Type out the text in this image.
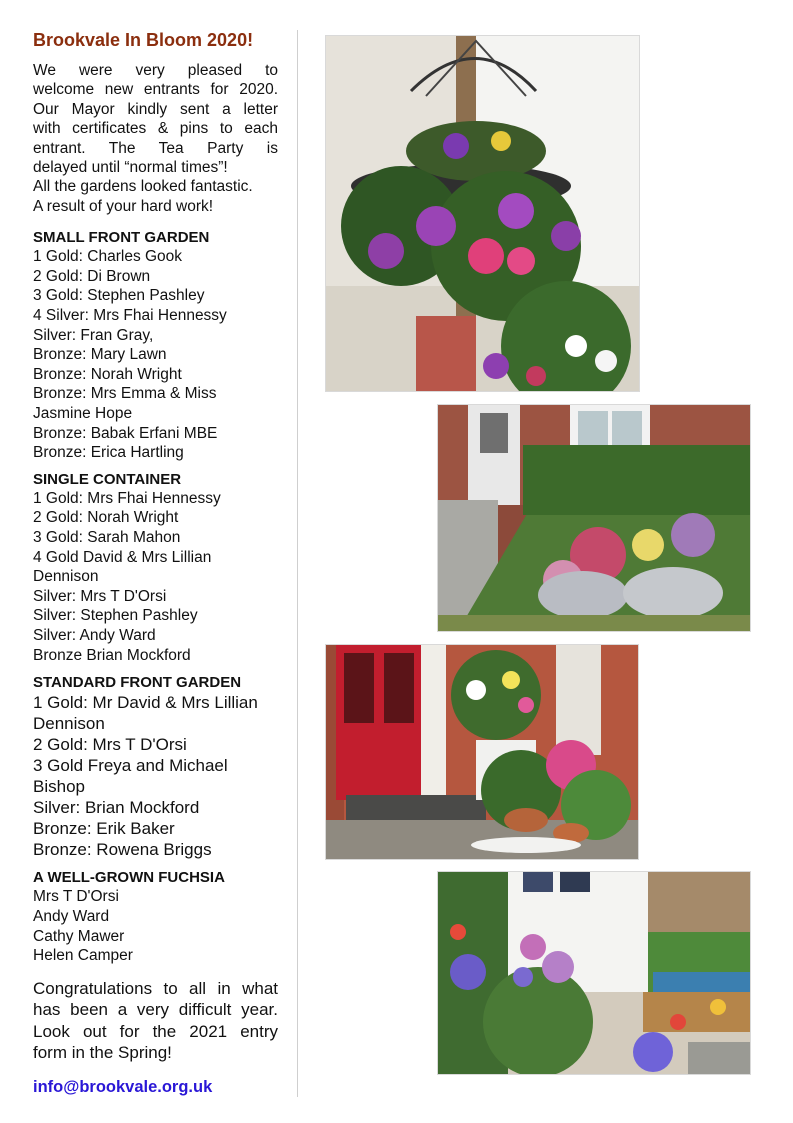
Brookvale In Bloom 2020!

We were very pleased to
welcome new entrants for 2020.
Our Mayor kindly sent a letter
with certificates & pins to each
entrant. The Tea Party is
delayed until “normal times”!
All the gardens looked fantastic.
A result of your hard work!

SMALL FRONT GARDEN
1 Gold: Charles Gook
2 Gold: Di Brown
3 Gold: Stephen Pashley
4 Silver: Mrs Fhai Hennessy
Silver: Fran Gray,
Bronze: Mary Lawn
Bronze: Norah Wright
Bronze: Mrs Emma & Miss
Jasmine Hope
Bronze: Babak Erfani MBE
Bronze: Erica Hartling
SINGLE CONTAINER
1 Gold: Mrs Fhai Hennessy
2 Gold: Norah Wright
3 Gold: Sarah Mahon
4 Gold David & Mrs Lillian
Dennison
Silver: Mrs T D'Orsi
Silver: Stephen Pashley
Silver: Andy Ward
Bronze Brian Mockford
STANDARD FRONT GARDEN
1 Gold: Mr David & Mrs Lillian
Dennison
2 Gold: Mrs T D'Orsi
3 Gold Freya and Michael
Bishop
Silver: Brian Mockford
Bronze: Erik Baker
Bronze: Rowena Briggs
A WELL-GROWN FUCHSIA
Mrs T D'Orsi
Andy Ward
Cathy Mawer
Helen Camper

Congratulations to all in what
has been a very difficult year.
Look out for the 2021 entry
form in the Spring!

info@brookvale.org.uk
